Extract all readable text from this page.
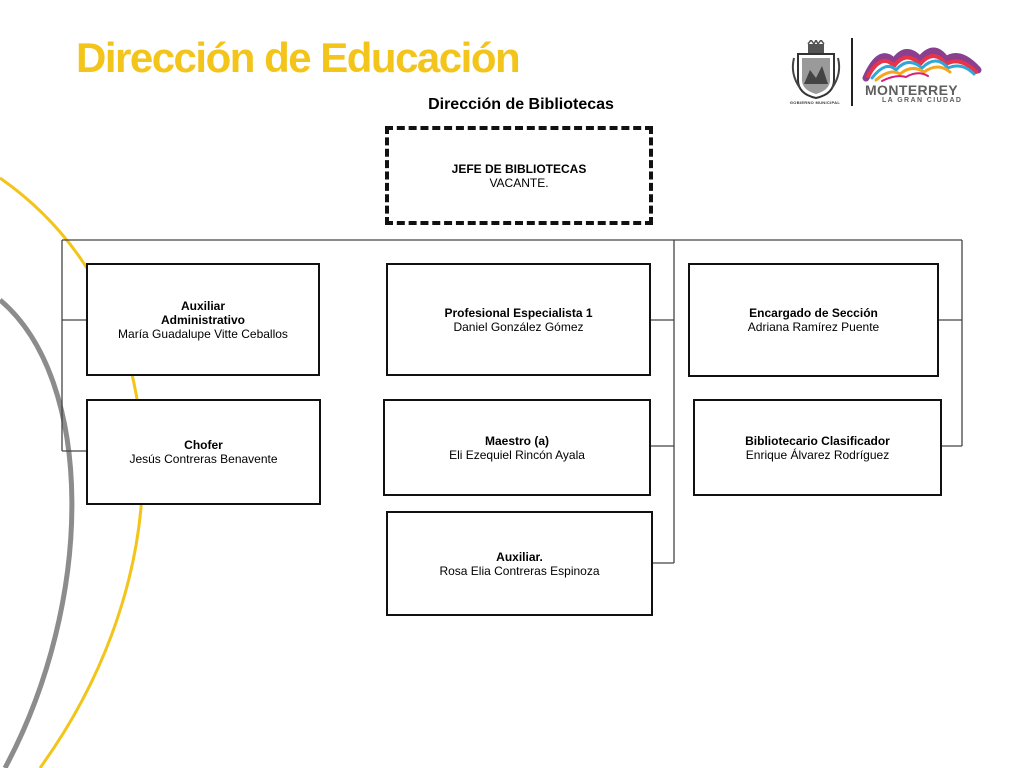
Dirección de Educación
Dirección de Bibliotecas	GOBIERNO MUNICIPAL
MONTERREY
LA GRAN CIUDAD
JEFE DE BIBLIOTECAS
VACANTE.
Auxiliar
Administrativo
María Guadalupe Vitte Ceballos
Chofer
Jesús Contreras Benavente
Profesional Especialista 1
Daniel González Gómez
Maestro (a)
Eli Ezequiel Rincón Ayala
Auxiliar.
Rosa Elia Contreras Espinoza
Encargado de Sección
Adriana Ramírez Puente
Bibliotecario Clasificador
Enrique Álvarez Rodríguez
